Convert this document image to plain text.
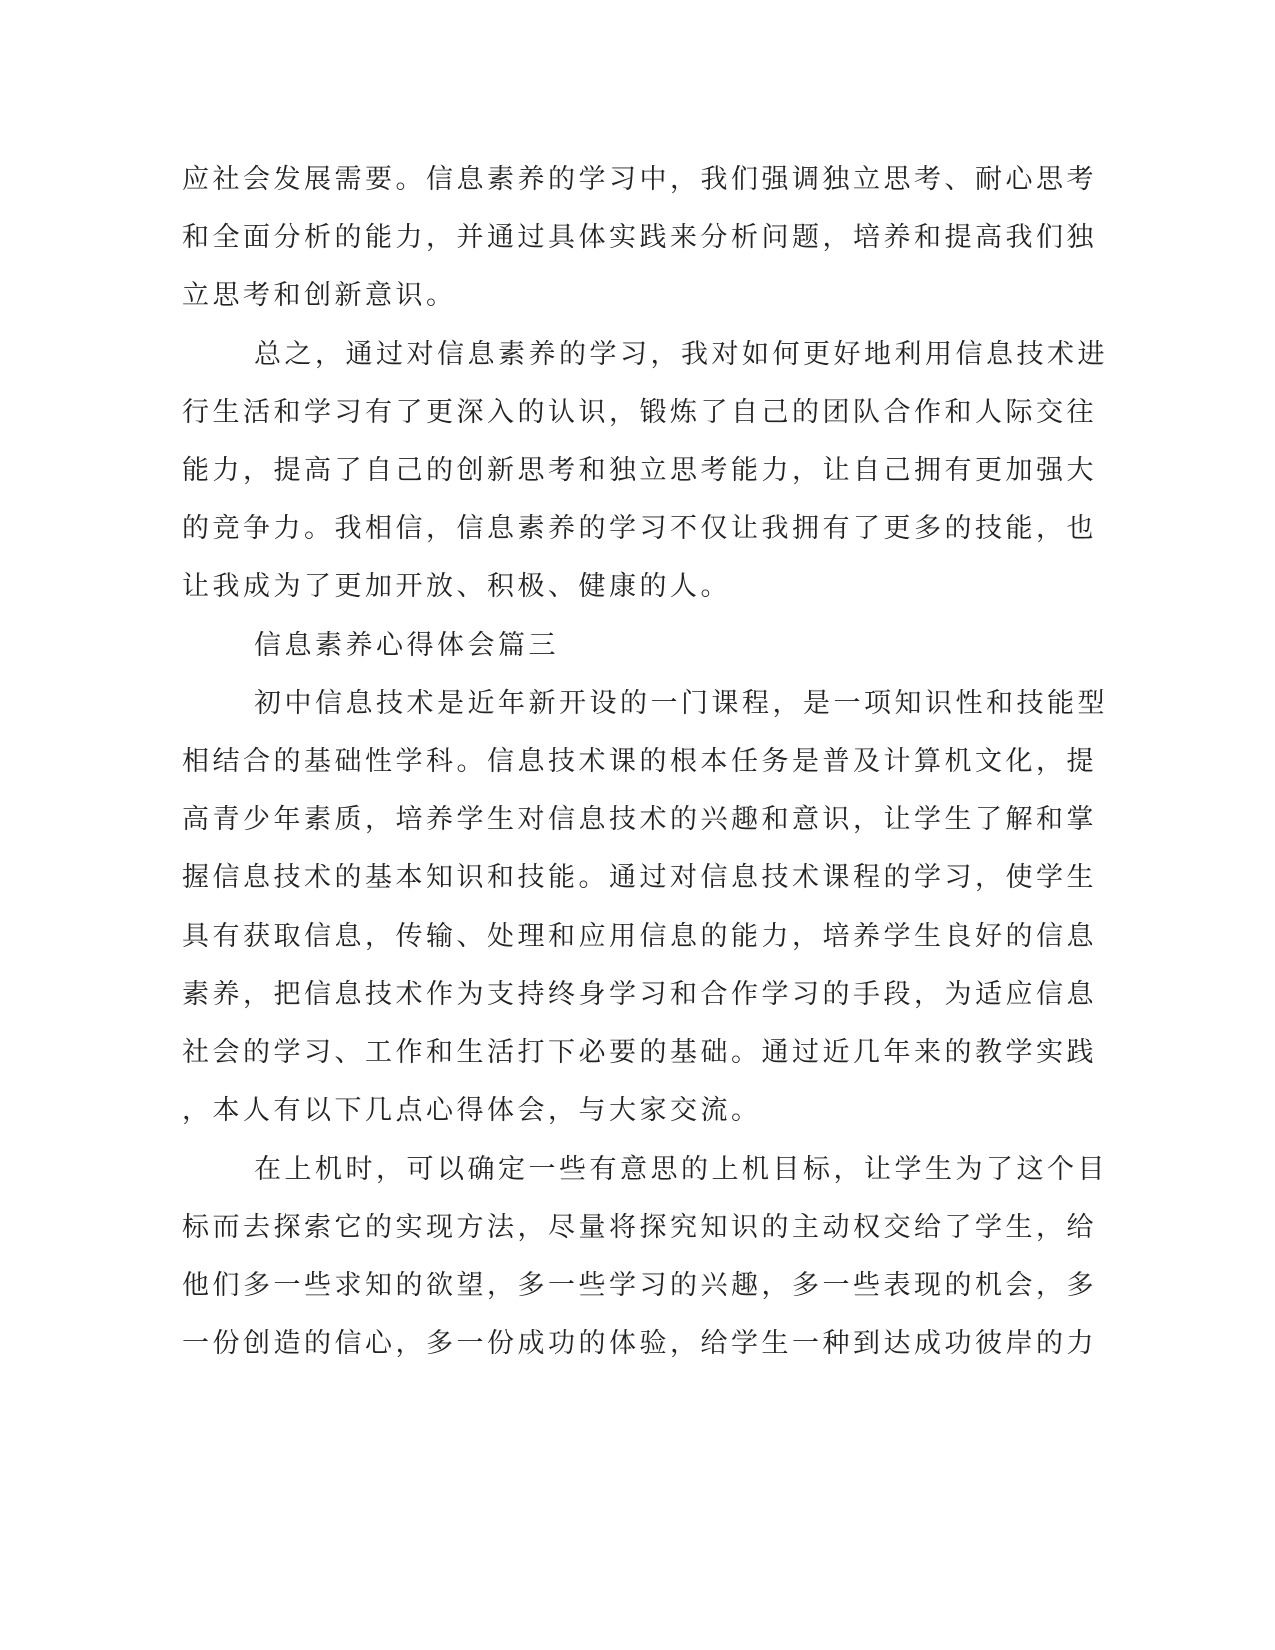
应社会发展需要。信息素养的学习中，我们强调独立思考、耐心思考
和全面分析的能力，并通过具体实践来分析问题，培养和提高我们独
立思考和创新意识。
总之，通过对信息素养的学习，我对如何更好地利用信息技术进
行生活和学习有了更深入的认识，锻炼了自己的团队合作和人际交往
能力，提高了自己的创新思考和独立思考能力，让自己拥有更加强大
的竞争力。我相信，信息素养的学习不仅让我拥有了更多的技能，也
让我成为了更加开放、积极、健康的人。
信息素养心得体会篇三
初中信息技术是近年新开设的一门课程，是一项知识性和技能型
相结合的基础性学科。信息技术课的根本任务是普及计算机文化，提
高青少年素质，培养学生对信息技术的兴趣和意识，让学生了解和掌
握信息技术的基本知识和技能。通过对信息技术课程的学习，使学生
具有获取信息，传输、处理和应用信息的能力，培养学生良好的信息
素养，把信息技术作为支持终身学习和合作学习的手段，为适应信息
社会的学习、工作和生活打下必要的基础。通过近几年来的教学实践
，本人有以下几点心得体会，与大家交流。
在上机时，可以确定一些有意思的上机目标，让学生为了这个目
标而去探索它的实现方法，尽量将探究知识的主动权交给了学生，给
他们多一些求知的欲望，多一些学习的兴趣，多一些表现的机会，多
一份创造的信心，多一份成功的体验，给学生一种到达成功彼岸的力
